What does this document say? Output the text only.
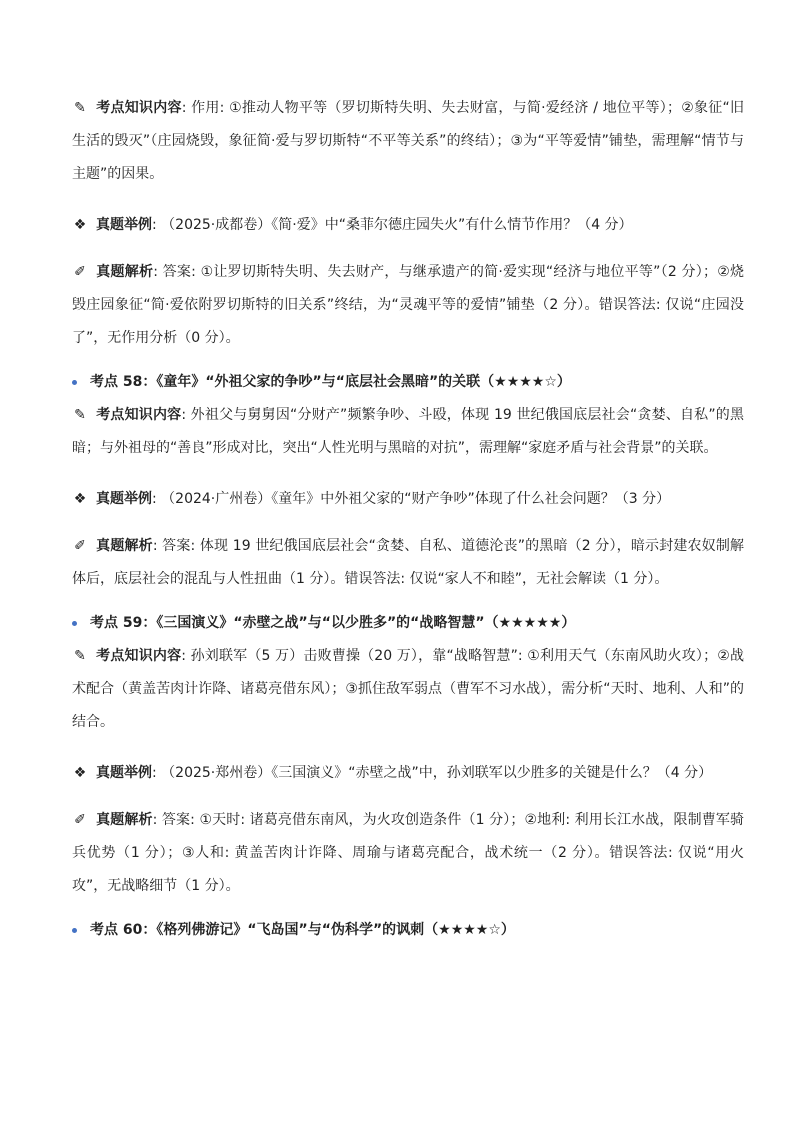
✎ 考点知识内容: 作用: ①推动人物平等（罗切斯特失明、失去财富，与简·爱经济 / 地位平等）；②象征“旧生活的毁灭”（庄园烧毁，象征简·爱与罗切斯特“不平等关系”的终结）；③为“平等爱情”铺垫，需理解“情节与主题”的因果。

❖ 真题举例: （2025·成都卷）《简·爱》中“桑菲尔德庄园失火”有什么情节作用？（4 分）

✐ 真题解析: 答案: ①让罗切斯特失明、失去财产，与继承遗产的简·爱实现“经济与地位平等”（2 分）；②烧毁庄园象征“简·爱依附罗切斯特的旧关系”终结，为“灵魂平等的爱情”铺垫（2 分）。错误答法: 仅说“庄园没了”，无作用分析（0 分）。

考点 58：《童年》“外祖父家的争吵”与“底层社会黑暗”的关联（★★★★☆）

✎ 考点知识内容: 外祖父与舅舅因“分财产”频繁争吵、斗殴，体现 19 世纪俄国底层社会“贪婪、自私”的黑暗；与外祖母的“善良”形成对比，突出“人性光明与黑暗的对抗”，需理解“家庭矛盾与社会背景”的关联。

❖ 真题举例: （2024·广州卷）《童年》中外祖父家的“财产争吵”体现了什么社会问题？（3 分）

✐ 真题解析: 答案: 体现 19 世纪俄国底层社会“贪婪、自私、道德沦丧”的黑暗（2 分），暗示封建农奴制解体后，底层社会的混乱与人性扭曲（1 分）。错误答法: 仅说“家人不和睦”，无社会解读（1 分）。

考点 59：《三国演义》“赤壁之战”与“以少胜多”的“战略智慧”（★★★★★）

✎ 考点知识内容: 孙刘联军（5 万）击败曹操（20 万），靠“战略智慧”: ①利用天气（东南风助火攻）；②战术配合（黄盖苦肉计诈降、诸葛亮借东风）；③抓住敌军弱点（曹军不习水战），需分析“天时、地利、人和”的结合。

❖ 真题举例: （2025·郑州卷）《三国演义》“赤壁之战”中，孙刘联军以少胜多的关键是什么？（4 分）

✐ 真题解析: 答案: ①天时: 诸葛亮借东南风，为火攻创造条件（1 分）；②地利: 利用长江水战，限制曹军骑兵优势（1 分）；③人和: 黄盖苦肉计诈降、周瑜与诸葛亮配合，战术统一（2 分）。错误答法: 仅说“用火攻”，无战略细节（1 分）。

考点 60：《格列佛游记》“飞岛国”与“伪科学”的讽刺（★★★★☆）
